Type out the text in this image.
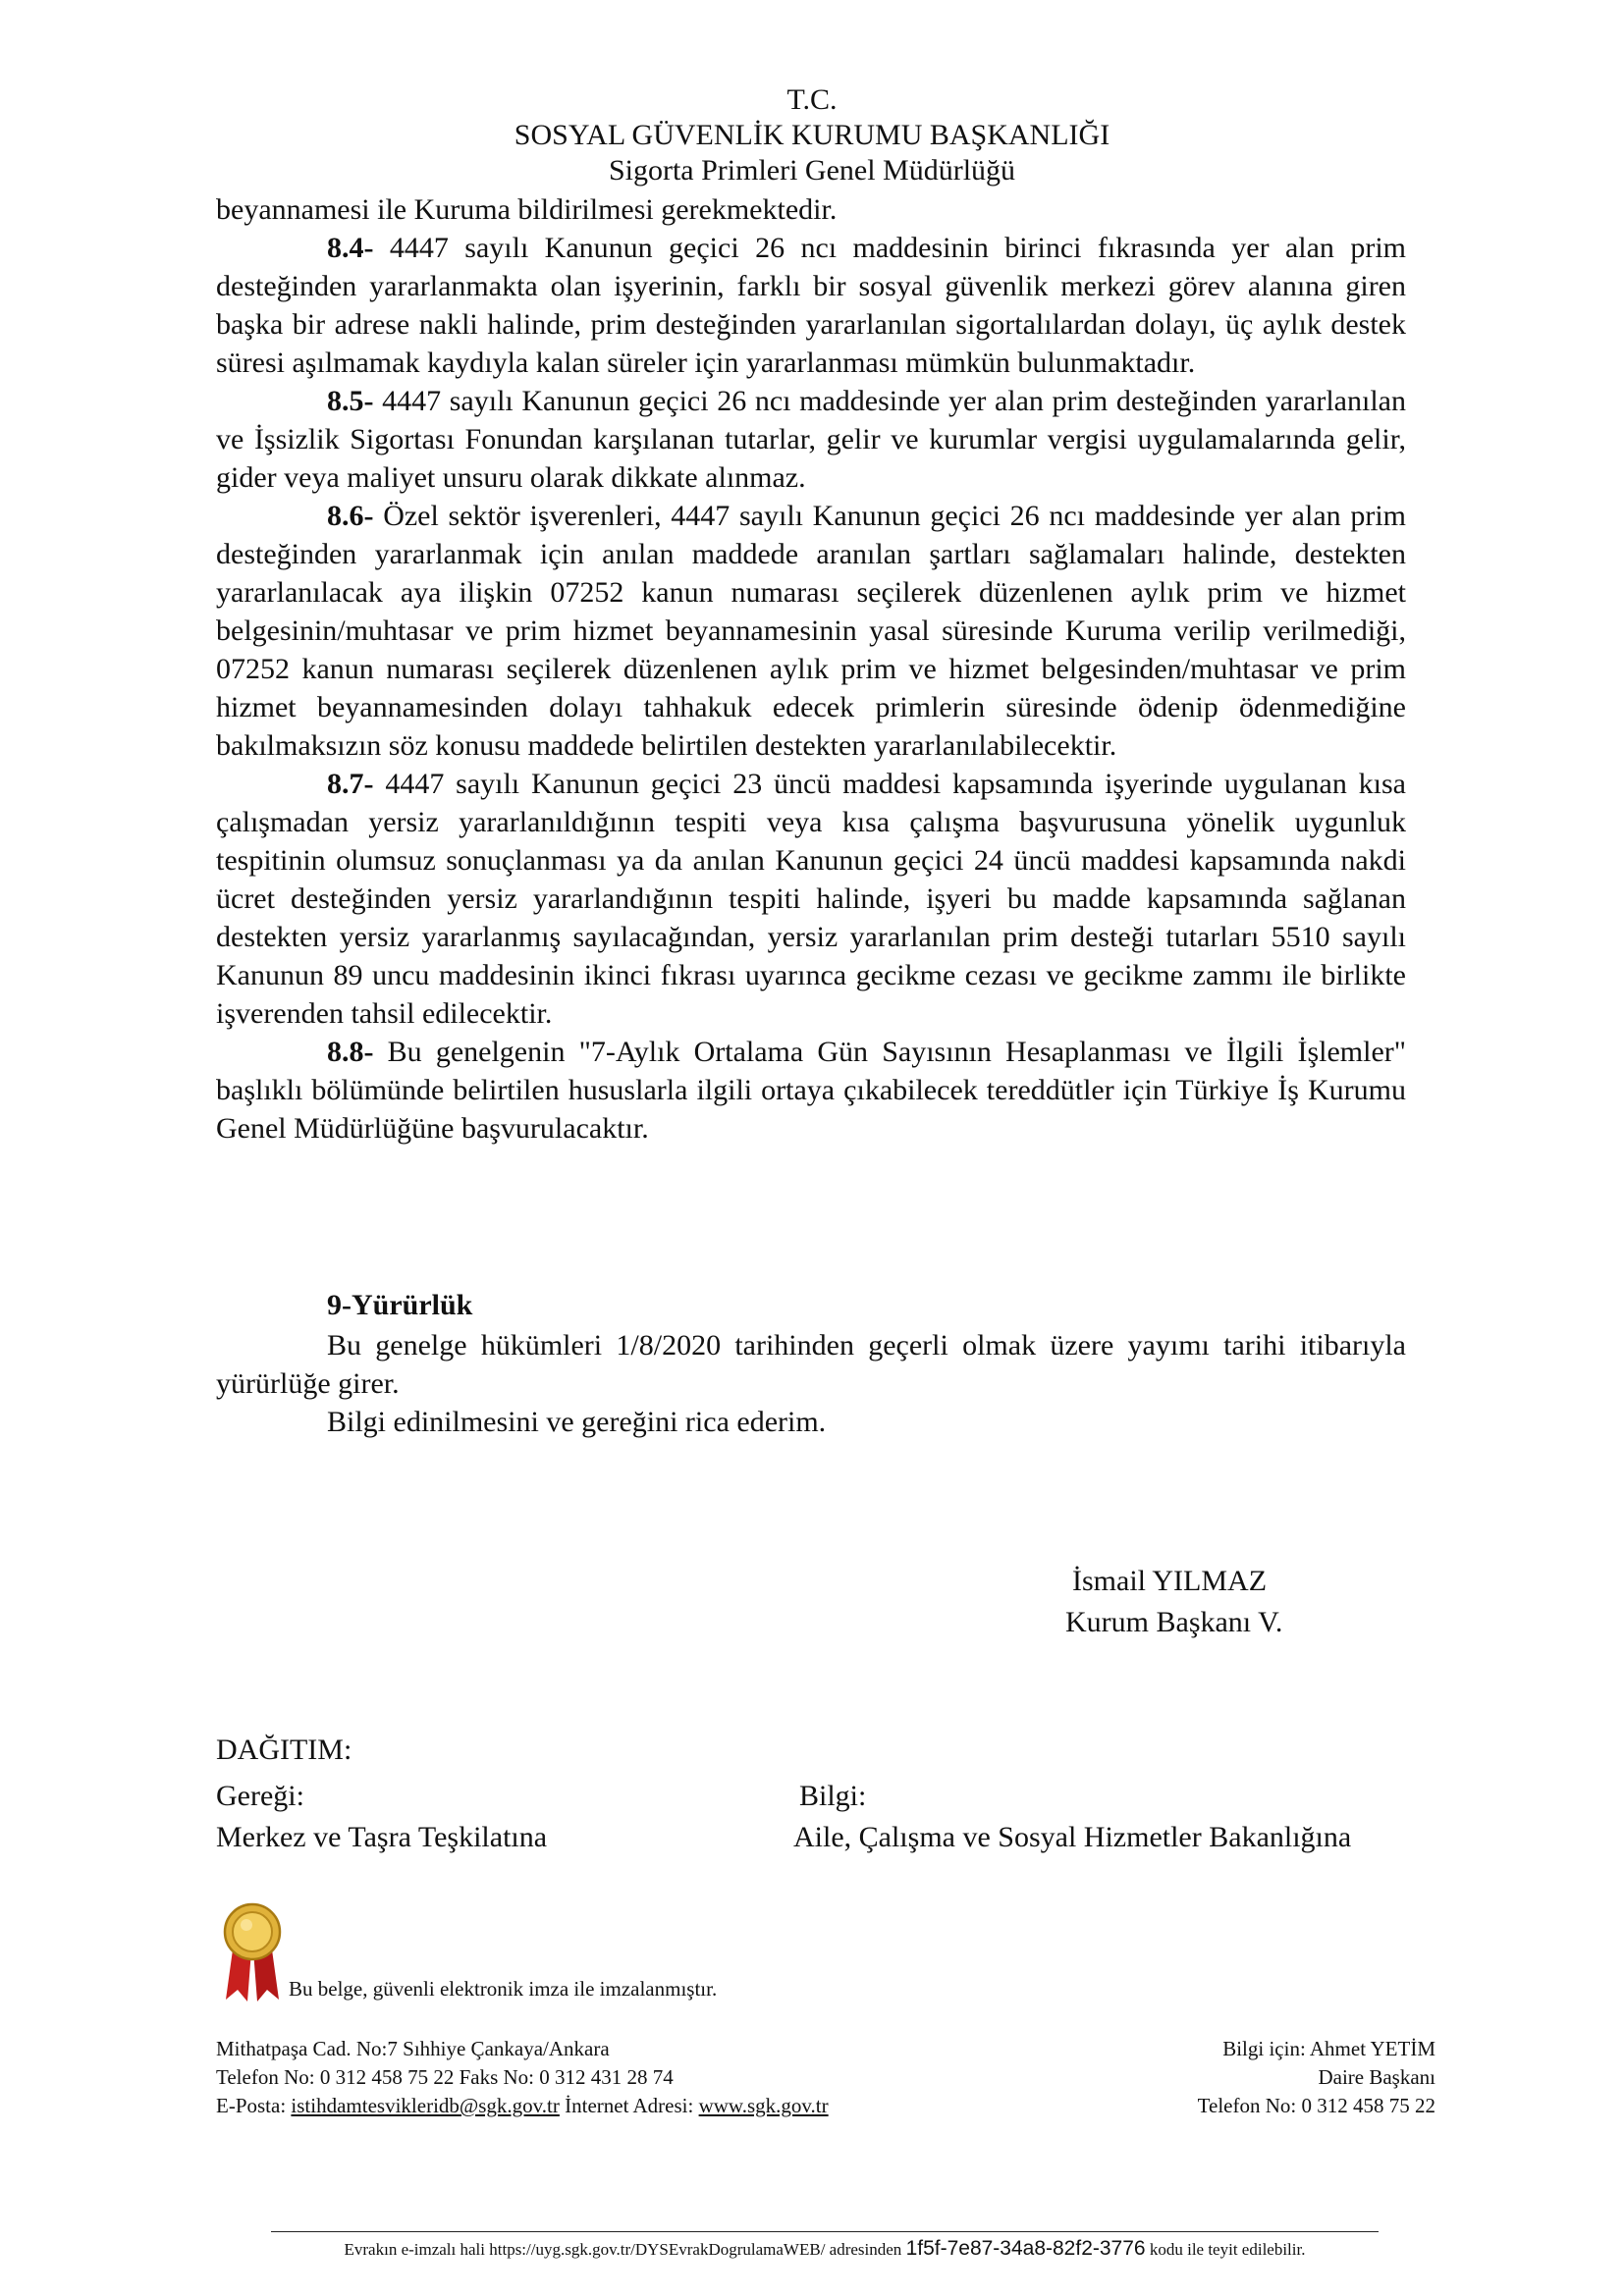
T.C.
SOSYAL GÜVENLİK KURUMU BAŞKANLIĞI
Sigorta Primleri Genel Müdürlüğü

beyannamesi ile Kuruma bildirilmesi gerekmektedir.

8.4- 4447 sayılı Kanunun geçici 26 ncı maddesinin birinci fıkrasında yer alan prim desteğinden yararlanmakta olan işyerinin, farklı bir sosyal güvenlik merkezi görev alanına giren başka bir adrese nakli halinde, prim desteğinden yararlanılan sigortalılardan dolayı, üç aylık destek süresi aşılmamak kaydıyla kalan süreler için yararlanması mümkün bulunmaktadır.

8.5- 4447 sayılı Kanunun geçici 26 ncı maddesinde yer alan prim desteğinden yararlanılan ve İşsizlik Sigortası Fonundan karşılanan tutarlar, gelir ve kurumlar vergisi uygulamalarında gelir, gider veya maliyet unsuru olarak dikkate alınmaz.

8.6- Özel sektör işverenleri, 4447 sayılı Kanunun geçici 26 ncı maddesinde yer alan prim desteğinden yararlanmak için anılan maddede aranılan şartları sağlamaları halinde, destekten yararlanılacak aya ilişkin 07252 kanun numarası seçilerek düzenlenen aylık prim ve hizmet belgesinin/muhtasar ve prim hizmet beyannamesinin yasal süresinde Kuruma verilip verilmediği, 07252 kanun numarası seçilerek düzenlenen aylık prim ve hizmet belgesinden/muhtasar ve prim hizmet beyannamesinden dolayı tahhakuk edecek primlerin süresinde ödenip ödenmediğine bakılmaksızın söz konusu maddede belirtilen destekten yararlanılabilecektir.

8.7- 4447 sayılı Kanunun geçici 23 üncü maddesi kapsamında işyerinde uygulanan kısa çalışmadan yersiz yararlanıldığının tespiti veya kısa çalışma başvurusuna yönelik uygunluk tespitinin olumsuz sonuçlanması ya da anılan Kanunun geçici 24 üncü maddesi kapsamında nakdi ücret desteğinden yersiz yararlandığının tespiti halinde, işyeri bu madde kapsamında sağlanan destekten yersiz yararlanmış sayılacağından, yersiz yararlanılan prim desteği tutarları 5510 sayılı Kanunun 89 uncu maddesinin ikinci fıkrası uyarınca gecikme cezası ve gecikme zammı ile birlikte işverenden tahsil edilecektir.

8.8- Bu genelgenin "7-Aylık Ortalama Gün Sayısının Hesaplanması ve İlgili İşlemler" başlıklı bölümünde belirtilen hususlarla ilgili ortaya çıkabilecek tereddütler için Türkiye İş Kurumu Genel Müdürlüğüne başvurulacaktır.

9-Yürürlük

Bu genelge hükümleri 1/8/2020 tarihinden geçerli olmak üzere yayımı tarihi itibarıyla yürürlüğe girer.

Bilgi edinilmesini ve gereğini rica ederim.

İsmail YILMAZ
Kurum Başkanı V.
DAĞITIM:
Gereği:
Merkez ve Taşra Teşkilatına
Bilgi:
Aile, Çalışma ve Sosyal Hizmetler Bakanlığına
Bu belge, güvenli elektronik imza ile imzalanmıştır.
Mithatpaşa Cad. No:7 Sıhhiye Çankaya/Ankara
Telefon No: 0 312 458 75 22 Faks No: 0 312 431 28 74
E-Posta: istihdamtesvikleridb@sgk.gov.tr İnternet Adresi: www.sgk.gov.tr
Bilgi için: Ahmet YETİM
Daire Başkanı
Telefon No: 0 312 458 75 22
Evrakın e-imzalı hali https://uyg.sgk.gov.tr/DYSEvrakDogrulamaWEB/ adresinden 1f5f-7e87-34a8-82f2-3776 kodu ile teyit edilebilir.
